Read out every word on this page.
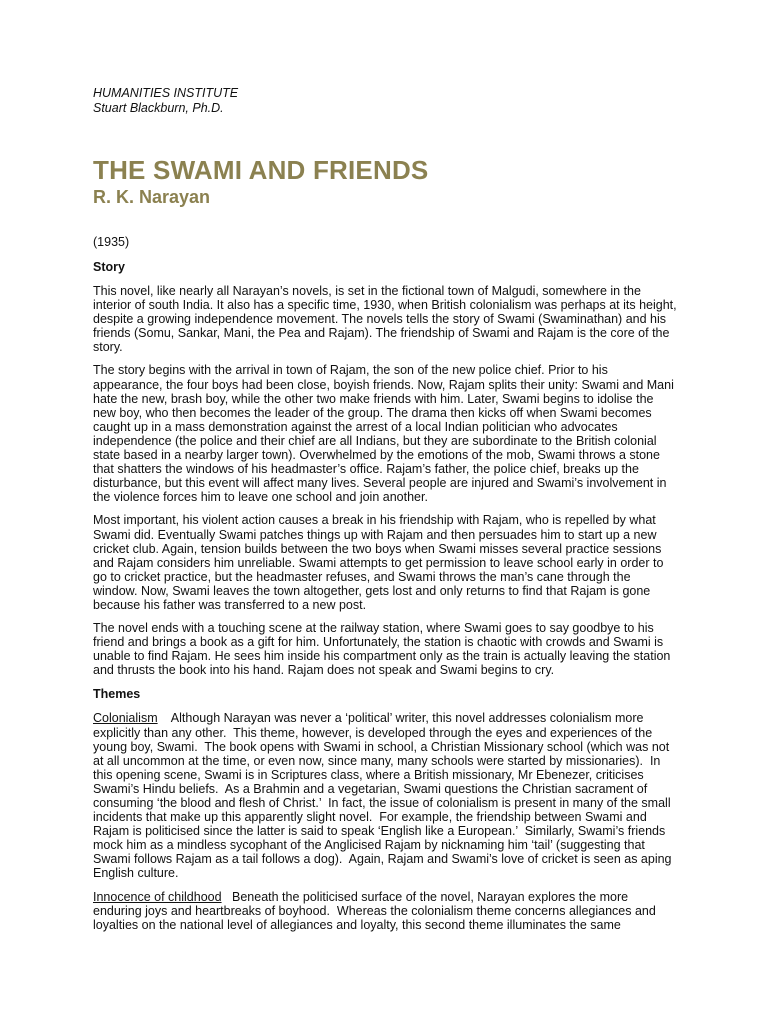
HUMANITIES INSTITUTE

Stuart Blackburn, Ph.D.

THE SWAMI AND FRIENDS
R. K. Narayan

(1935)

Story

This novel, like nearly all Narayan’s novels, is set in the fictional town of Malgudi, somewhere in the interior of south India. It also has a specific time, 1930, when British colonialism was perhaps at its height, despite a growing independence movement. The novels tells the story of Swami (Swaminathan) and his friends (Somu, Sankar, Mani, the Pea and Rajam). The friendship of Swami and Rajam is the core of the story.

The story begins with the arrival in town of Rajam, the son of the new police chief. Prior to his appearance, the four boys had been close, boyish friends. Now, Rajam splits their unity: Swami and Mani hate the new, brash boy, while the other two make friends with him. Later, Swami begins to idolise the new boy, who then becomes the leader of the group. The drama then kicks off when Swami becomes caught up in a mass demonstration against the arrest of a local Indian politician who advocates independence (the police and their chief are all Indians, but they are subordinate to the British colonial state based in a nearby larger town). Overwhelmed by the emotions of the mob, Swami throws a stone that shatters the windows of his headmaster’s office. Rajam’s father, the police chief, breaks up the disturbance, but this event will affect many lives. Several people are injured and Swami’s involvement in the violence forces him to leave one school and join another.

Most important, his violent action causes a break in his friendship with Rajam, who is repelled by what Swami did. Eventually Swami patches things up with Rajam and then persuades him to start up a new cricket club. Again, tension builds between the two boys when Swami misses several practice sessions and Rajam considers him unreliable. Swami attempts to get permission to leave school early in order to go to cricket practice, but the headmaster refuses, and Swami throws the man’s cane through the window. Now, Swami leaves the town altogether, gets lost and only returns to find that Rajam is gone because his father was transferred to a new post.

The novel ends with a touching scene at the railway station, where Swami goes to say goodbye to his friend and brings a book as a gift for him. Unfortunately, the station is chaotic with crowds and Swami is unable to find Rajam. He sees him inside his compartment only as the train is actually leaving the station and thrusts the book into his hand. Rajam does not speak and Swami begins to cry.

Themes

Colonialism    Although Narayan was never a ‘political’ writer, this novel addresses colonialism more explicitly than any other.  This theme, however, is developed through the eyes and experiences of the young boy, Swami.  The book opens with Swami in school, a Christian Missionary school (which was not at all uncommon at the time, or even now, since many, many schools were started by missionaries).  In this opening scene, Swami is in Scriptures class, where a British missionary, Mr Ebenezer, criticises Swami’s Hindu beliefs.  As a Brahmin and a vegetarian, Swami questions the Christian sacrament of consuming ‘the blood and flesh of Christ.’  In fact, the issue of colonialism is present in many of the small incidents that make up this apparently slight novel.  For example, the friendship between Swami and Rajam is politicised since the latter is said to speak ‘English like a European.’  Similarly, Swami’s friends mock him as a mindless sycophant of the Anglicised Rajam by nicknaming him ‘tail’ (suggesting that Swami follows Rajam as a tail follows a dog).  Again, Rajam and Swami’s love of cricket is seen as aping English culture.

Innocence of childhood   Beneath the politicised surface of the novel, Narayan explores the more enduring joys and heartbreaks of boyhood.  Whereas the colonialism theme concerns allegiances and loyalties on the national level of allegiances and loyalty, this second theme illuminates the same
